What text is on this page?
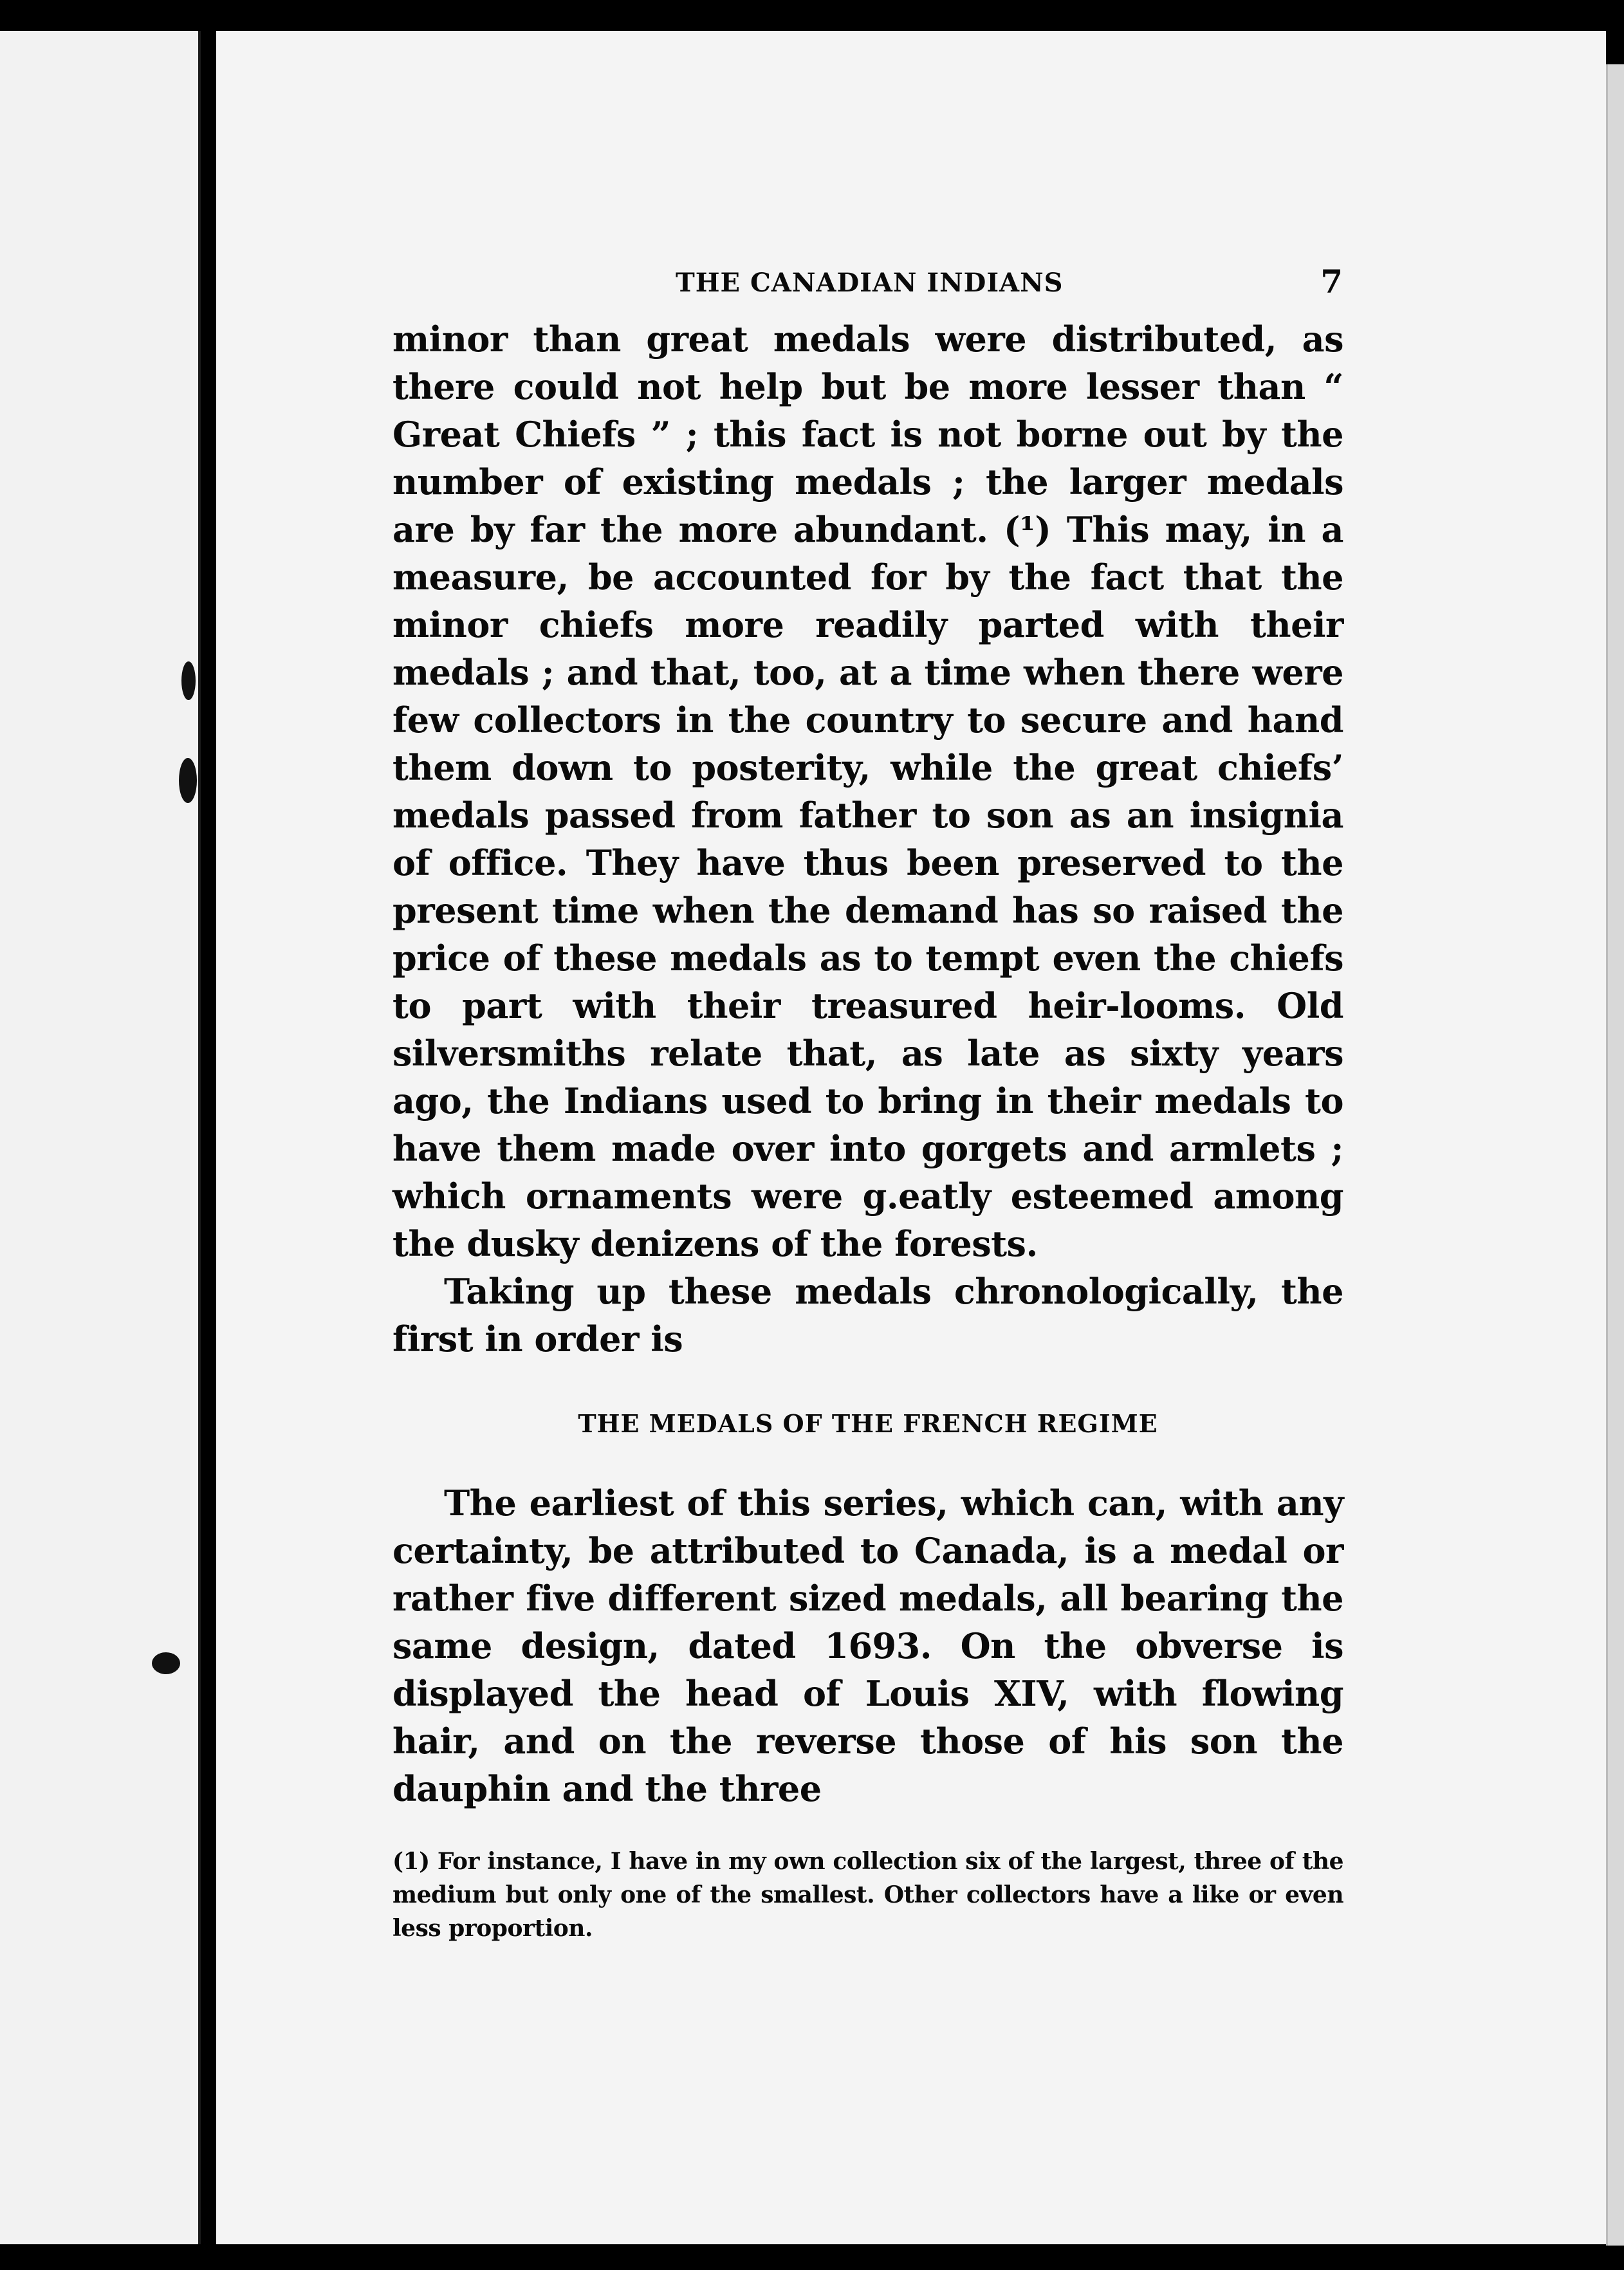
THE CANADIAN INDIANS	7

minor than great medals were distributed, as there could not help but be more lesser than “ Great Chiefs ” ; this fact is not borne out by the number of existing medals ; the larger medals are by far the more abundant. (¹) This may, in a measure, be accounted for by the fact that the minor chiefs more readily parted with their medals ; and that, too, at a time when there were few collectors in the country to secure and hand them down to posterity, while the great chiefs’ medals passed from father to son as an insignia of office. They have thus been preserved to the present time when the demand has so raised the price of these medals as to tempt even the chiefs to part with their treasured heir-looms. Old silversmiths relate that, as late as sixty years ago, the Indians used to bring in their medals to have them made over into gorgets and armlets ; which ornaments were g.eatly esteemed among the dusky denizens of the forests.

Taking up these medals chronologically, the first in order is

THE MEDALS OF THE FRENCH REGIME

The earliest of this series, which can, with any certainty, be attributed to Canada, is a medal or rather five different sized medals, all bearing the same design, dated 1693. On the obverse is displayed the head of Louis XIV, with flowing hair, and on the reverse those of his son the dauphin and the three

(1) For instance, I have in my own collection six of the largest, three of the medium but only one of the smallest. Other collectors have a like or even less proportion.
